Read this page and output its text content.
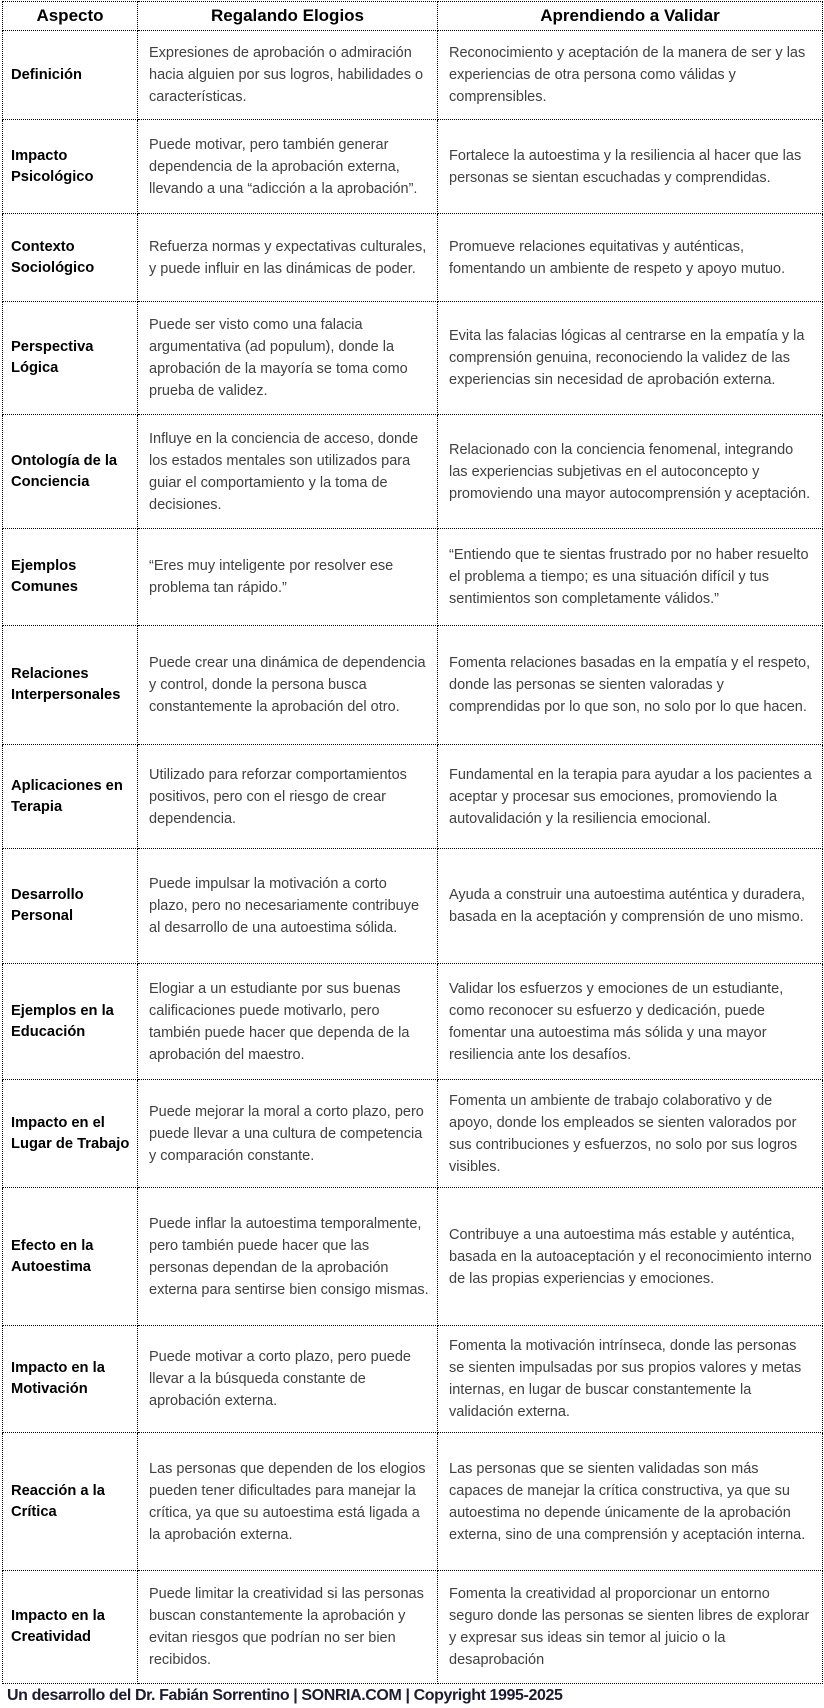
Aspecto	Regalando Elogios	Aprendiendo a Validar
Definición	Expresiones de aprobación o admiración hacia alguien por sus logros, habilidades o características.	Reconocimiento y aceptación de la manera de ser y las experiencias de otra persona como válidas y comprensibles.
Impacto Psicológico	Puede motivar, pero también generar dependencia de la aprobación externa, llevando a una “adicción a la aprobación”.	Fortalece la autoestima y la resiliencia al hacer que las personas se sientan escuchadas y comprendidas.
Contexto Sociológico	Refuerza normas y expectativas culturales, y puede influir en las dinámicas de poder.	Promueve relaciones equitativas y auténticas, fomentando un ambiente de respeto y apoyo mutuo.
Perspectiva Lógica	Puede ser visto como una falacia argumentativa (ad populum), donde la aprobación de la mayoría se toma como prueba de validez.	Evita las falacias lógicas al centrarse en la empatía y la comprensión genuina, reconociendo la validez de las experiencias sin necesidad de aprobación externa.
Ontología de la Conciencia	Influye en la conciencia de acceso, donde los estados mentales son utilizados para guiar el comportamiento y la toma de decisiones.	Relacionado con la conciencia fenomenal, integrando las experiencias subjetivas en el autoconcepto y promoviendo una mayor autocomprensión y aceptación.
Ejemplos Comunes	“Eres muy inteligente por resolver ese problema tan rápido.”	“Entiendo que te sientas frustrado por no haber resuelto el problema a tiempo; es una situación difícil y tus sentimientos son completamente válidos.”
Relaciones Interpersonales	Puede crear una dinámica de dependencia y control, donde la persona busca constantemente la aprobación del otro.	Fomenta relaciones basadas en la empatía y el respeto, donde las personas se sienten valoradas y comprendidas por lo que son, no solo por lo que hacen.
Aplicaciones en Terapia	Utilizado para reforzar comportamientos positivos, pero con el riesgo de crear dependencia.	Fundamental en la terapia para ayudar a los pacientes a aceptar y procesar sus emociones, promoviendo la autovalidación y la resiliencia emocional.
Desarrollo Personal	Puede impulsar la motivación a corto plazo, pero no necesariamente contribuye al desarrollo de una autoestima sólida.	Ayuda a construir una autoestima auténtica y duradera, basada en la aceptación y comprensión de uno mismo.
Ejemplos en la Educación	Elogiar a un estudiante por sus buenas calificaciones puede motivarlo, pero también puede hacer que dependa de la aprobación del maestro.	Validar los esfuerzos y emociones de un estudiante, como reconocer su esfuerzo y dedicación, puede fomentar una autoestima más sólida y una mayor resiliencia ante los desafíos.
Impacto en el Lugar de Trabajo	Puede mejorar la moral a corto plazo, pero puede llevar a una cultura de competencia y comparación constante.	Fomenta un ambiente de trabajo colaborativo y de apoyo, donde los empleados se sienten valorados por sus contribuciones y esfuerzos, no solo por sus logros visibles.
Efecto en la Autoestima	Puede inflar la autoestima temporalmente, pero también puede hacer que las personas dependan de la aprobación externa para sentirse bien consigo mismas.	Contribuye a una autoestima más estable y auténtica, basada en la autoaceptación y el reconocimiento interno de las propias experiencias y emociones.
Impacto en la Motivación	Puede motivar a corto plazo, pero puede llevar a la búsqueda constante de aprobación externa.	Fomenta la motivación intrínseca, donde las personas se sienten impulsadas por sus propios valores y metas internas, en lugar de buscar constantemente la validación externa.
Reacción a la Crítica	Las personas que dependen de los elogios pueden tener dificultades para manejar la crítica, ya que su autoestima está ligada a la aprobación externa.	Las personas que se sienten validadas son más capaces de manejar la crítica constructiva, ya que su autoestima no depende únicamente de la aprobación externa, sino de una comprensión y aceptación interna.
Impacto en la Creatividad	Puede limitar la creatividad si las personas buscan constantemente la aprobación y evitan riesgos que podrían no ser bien recibidos.	Fomenta la creatividad al proporcionar un entorno seguro donde las personas se sienten libres de explorar y expresar sus ideas sin temor al juicio o la desaprobación
Un desarrollo del Dr. Fabián Sorrentino | SONRIA.COM | Copyright 1995-2025
